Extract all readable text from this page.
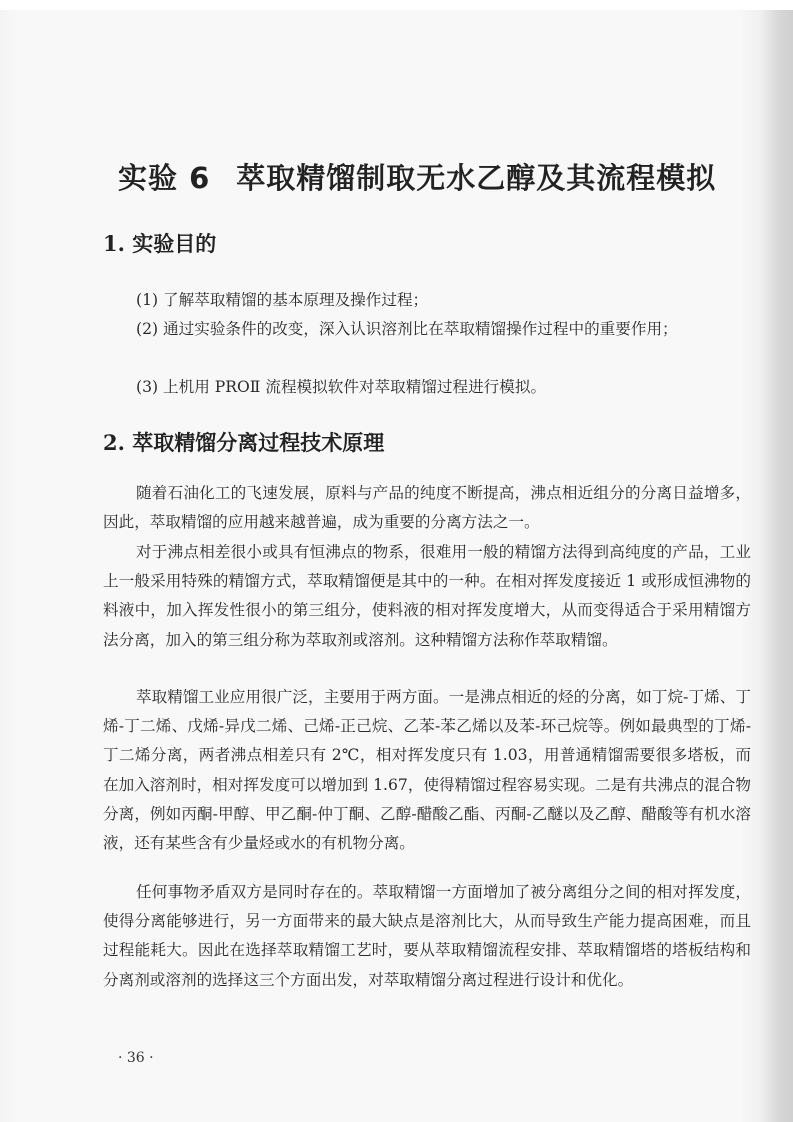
实验 6 萃取精馏制取无水乙醇及其流程模拟
1. 实验目的
(1) 了解萃取精馏的基本原理及操作过程；
(2) 通过实验条件的改变，深入认识溶剂比在萃取精馏操作过程中的重要作用；
(3) 上机用 PROⅡ 流程模拟软件对萃取精馏过程进行模拟。
2. 萃取精馏分离过程技术原理
随着石油化工的飞速发展，原料与产品的纯度不断提高，沸点相近组分的分离日益增多，因此，萃取精馏的应用越来越普遍，成为重要的分离方法之一。
对于沸点相差很小或具有恒沸点的物系，很难用一般的精馏方法得到高纯度的产品，工业上一般采用特殊的精馏方式，萃取精馏便是其中的一种。在相对挥发度接近 1 或形成恒沸物的料液中，加入挥发性很小的第三组分，使料液的相对挥发度增大，从而变得适合于采用精馏方法分离，加入的第三组分称为萃取剂或溶剂。这种精馏方法称作萃取精馏。
萃取精馏工业应用很广泛，主要用于两方面。一是沸点相近的烃的分离，如丁烷-丁烯、丁烯-丁二烯、戊烯-异戊二烯、己烯-正己烷、乙苯-苯乙烯以及苯-环己烷等。例如最典型的丁烯-丁二烯分离，两者沸点相差只有 2℃，相对挥发度只有 1.03，用普通精馏需要很多塔板，而在加入溶剂时，相对挥发度可以增加到 1.67，使得精馏过程容易实现。二是有共沸点的混合物分离，例如丙酮-甲醇、甲乙酮-仲丁酮、乙醇-醋酸乙酯、丙酮-乙醚以及乙醇、醋酸等有机水溶液，还有某些含有少量烃或水的有机物分离。
任何事物矛盾双方是同时存在的。萃取精馏一方面增加了被分离组分之间的相对挥发度，使得分离能够进行，另一方面带来的最大缺点是溶剂比大，从而导致生产能力提高困难，而且过程能耗大。因此在选择萃取精馏工艺时，要从萃取精馏流程安排、萃取精馏塔的塔板结构和分离剂或溶剂的选择这三个方面出发，对萃取精馏分离过程进行设计和优化。
· 36 ·
